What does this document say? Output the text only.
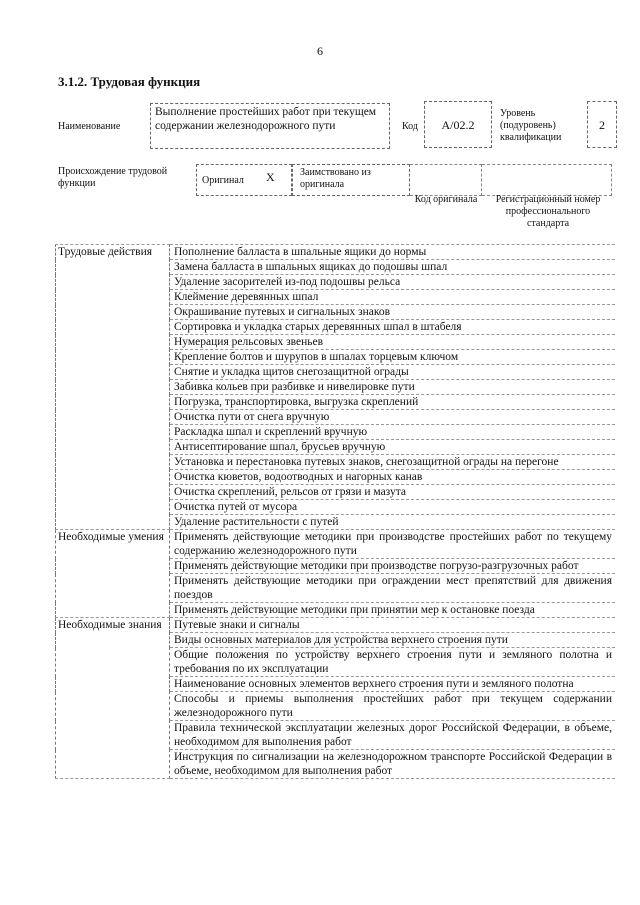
6
3.1.2. Трудовая функция
Наименование
Выполнение простейших работ при текущем содержании железнодорожного пути	Код	A/02.2
Уровень (подуровень) квалификации
2
Происхождение трудовой функции	Оригинал X	Заимствовано из оригинала
Код оригинала	Регистрационный номер профессионального стандарта
Трудовые действия	Пополнение балласта в шпальные ящики до нормы
	Замена балласта в шпальных ящиках до подошвы шпал
	Удаление засорителей из-под подошвы рельса
	Клеймение деревянных шпал
	Окрашивание путевых и сигнальных знаков
	Сортировка и укладка старых деревянных шпал в штабеля
	Нумерация рельсовых звеньев
	Крепление болтов и шурупов в шпалах торцевым ключом
	Снятие и укладка щитов снегозащитной ограды
	Забивка кольев при разбивке и нивелировке пути
	Погрузка, транспортировка, выгрузка скреплений
	Очистка пути от снега вручную
	Раскладка шпал и скреплений вручную
	Антисептирование шпал, брусьев вручную
	Установка и перестановка путевых знаков, снегозащитной ограды на перегоне
	Очистка кюветов, водоотводных и нагорных канав
	Очистка скреплений, рельсов от грязи и мазута
	Очистка путей от мусора
	Удаление растительности с путей
Необходимые умения	Применять действующие методики при производстве простейших работ по текущему содержанию железнодорожного пути
	Применять действующие методики при производстве погрузо-разгрузочных работ
	Применять действующие методики при ограждении мест препятствий для движения поездов
	Применять действующие методики при принятии мер к остановке поезда
Необходимые знания	Путевые знаки и сигналы
	Виды основных материалов для устройства верхнего строения пути
	Общие положения по устройству верхнего строения пути и земляного полотна и требования по их эксплуатации
	Наименование основных элементов верхнего строения пути и земляного полотна
	Способы и приемы выполнения простейших работ при текущем содержании железнодорожного пути
	Правила технической эксплуатации железных дорог Российской Федерации, в объеме, необходимом для выполнения работ
	Инструкция по сигнализации на железнодорожном транспорте Российской Федерации в объеме, необходимом для выполнения работ
